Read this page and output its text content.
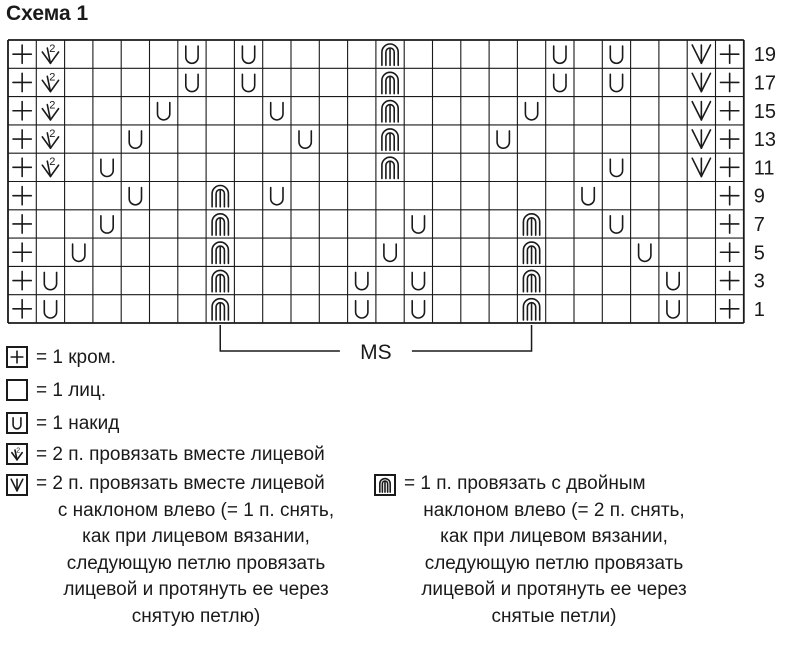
Схема 1
2
2
2
2
2
1
3
5
7
9
11
13
15
17
19
MS
= 1 кром.
= 1 лиц.
= 1 накид
2 = 2 п. провязать вместе лицевой
= 2 п. провязать вместе лицевой
с наклоном влево (= 1 п. снять,
как при лицевом вязании,
следующую петлю провязать
лицевой и протянуть ее через
снятую петлю)
= 1 п. провязать с двойным
наклоном влево (= 2 п. снять,
как при лицевом вязании,
следующую петлю провязать
лицевой и протянуть ее через
снятые петли)
